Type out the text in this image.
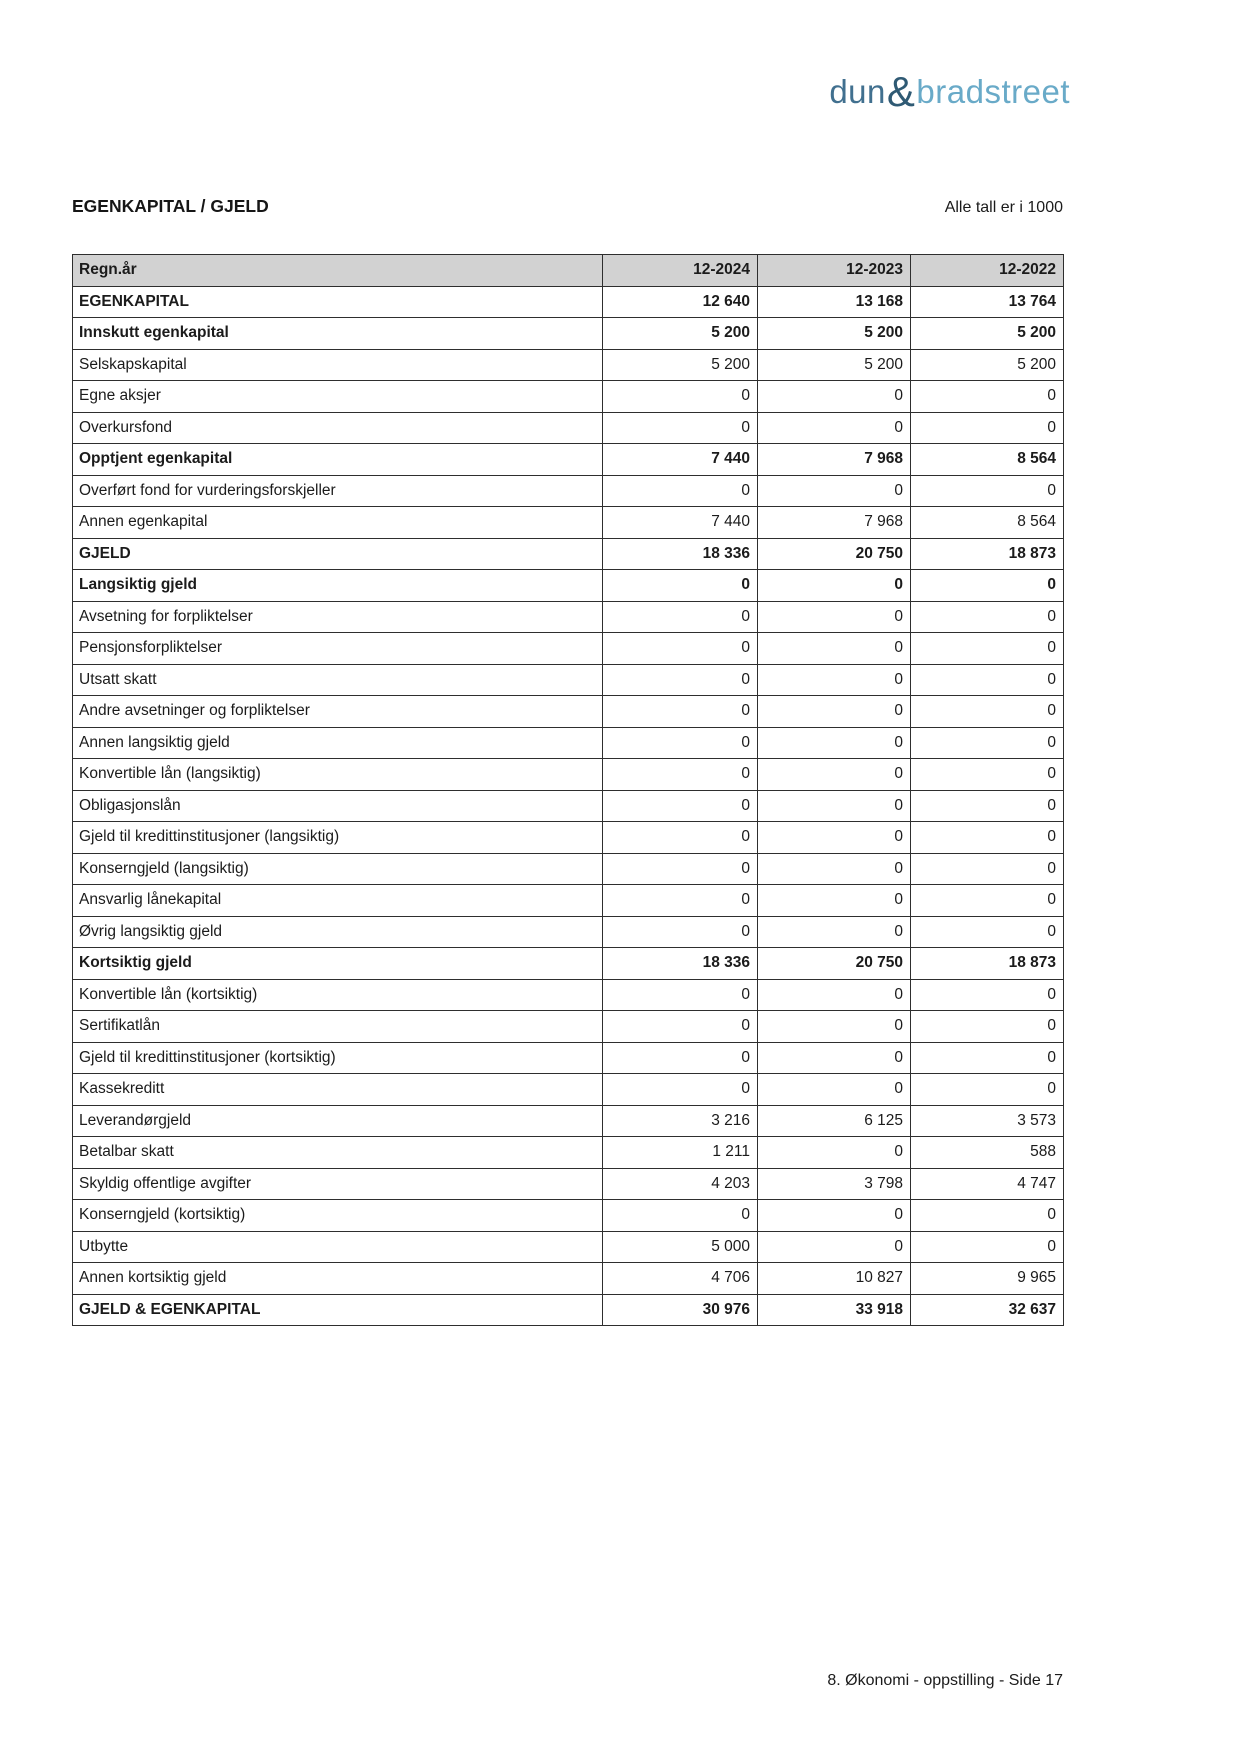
dun & bradstreet
EGENKAPITAL / GJELD	Alle tall er i 1000
Regn.år	12-2024	12-2023	12-2022
EGENKAPITAL	12 640	13 168	13 764
Innskutt egenkapital	5 200	5 200	5 200
Selskapskapital	5 200	5 200	5 200
Egne aksjer	0	0	0
Overkursfond	0	0	0
Opptjent egenkapital	7 440	7 968	8 564
Overført fond for vurderingsforskjeller	0	0	0
Annen egenkapital	7 440	7 968	8 564
GJELD	18 336	20 750	18 873
Langsiktig gjeld	0	0	0
Avsetning for forpliktelser	0	0	0
Pensjonsforpliktelser	0	0	0
Utsatt skatt	0	0	0
Andre avsetninger og forpliktelser	0	0	0
Annen langsiktig gjeld	0	0	0
Konvertible lån (langsiktig)	0	0	0
Obligasjonslån	0	0	0
Gjeld til kredittinstitusjoner (langsiktig)	0	0	0
Konserngjeld (langsiktig)	0	0	0
Ansvarlig lånekapital	0	0	0
Øvrig langsiktig gjeld	0	0	0
Kortsiktig gjeld	18 336	20 750	18 873
Konvertible lån (kortsiktig)	0	0	0
Sertifikatlån	0	0	0
Gjeld til kredittinstitusjoner (kortsiktig)	0	0	0
Kassekreditt	0	0	0
Leverandørgjeld	3 216	6 125	3 573
Betalbar skatt	1 211	0	588
Skyldig offentlige avgifter	4 203	3 798	4 747
Konserngjeld (kortsiktig)	0	0	0
Utbytte	5 000	0	0
Annen kortsiktig gjeld	4 706	10 827	9 965
GJELD & EGENKAPITAL	30 976	33 918	32 637
8. Økonomi - oppstilling - Side 17
